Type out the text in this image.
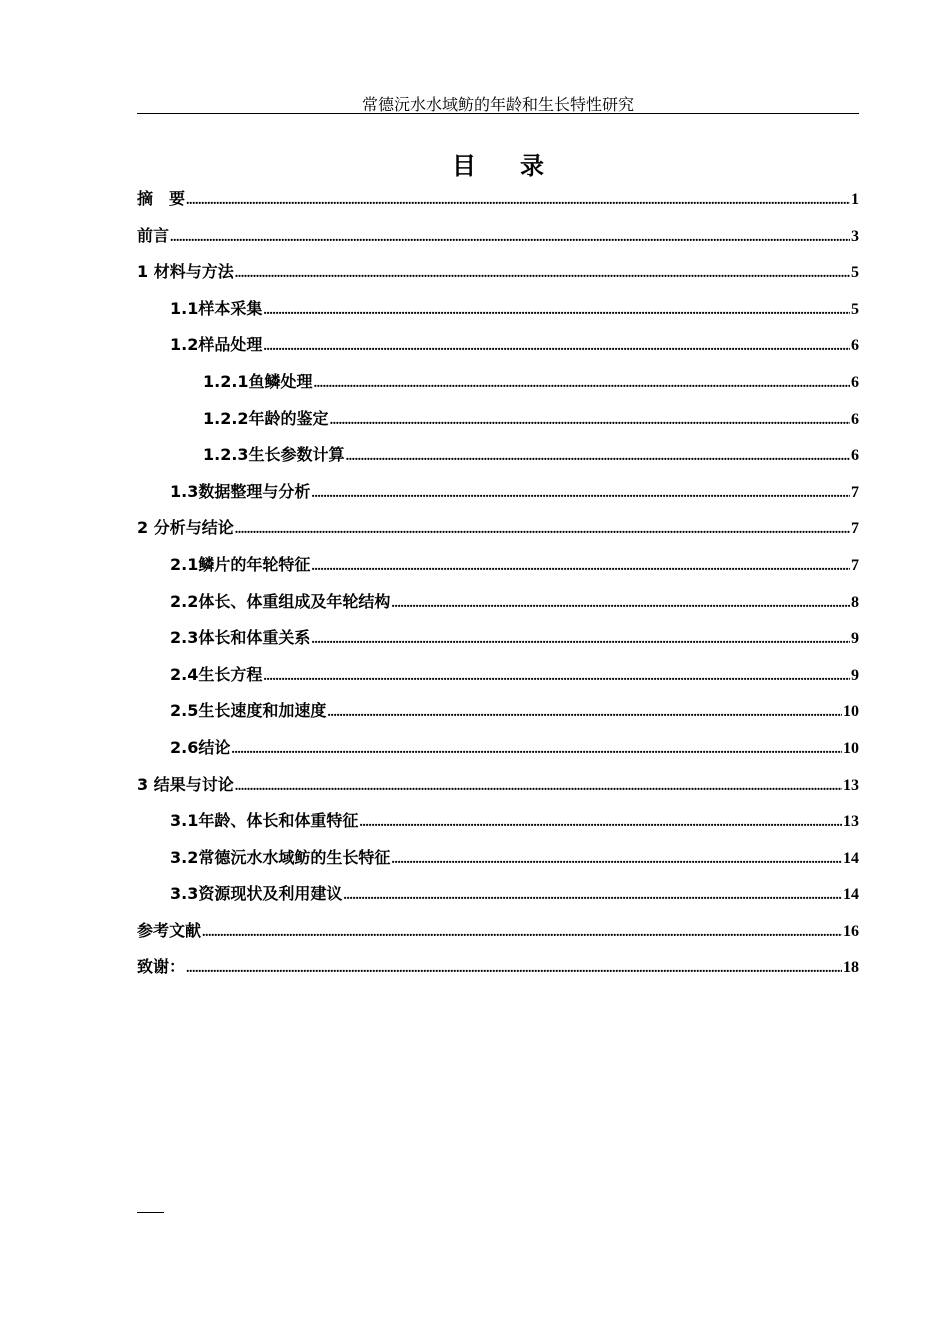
常德沅水水域鲂的年龄和生长特性研究
目 录
摘　要 .....	1
前言 .....	3
1 材料与方法 .....	5
1.1样本采集 .....	5
1.2样品处理 .....	6
1.2.1鱼鳞处理 .....	6
1.2.2年龄的鉴定 .....	6
1.2.3生长参数计算 .....	6
1.3数据整理与分析 .....	7
2 分析与结论 .....	7
2.1鳞片的年轮特征 .....	7
2.2体长、体重组成及年轮结构 .....	8
2.3体长和体重关系 .....	9
2.4生长方程 .....	9
2.5生长速度和加速度 .....	10
2.6结论 .....	10
3 结果与讨论 .....	13
3.1年龄、体长和体重特征 .....	13
3.2常德沅水水域鲂的生长特征 .....	14
3.3资源现状及利用建议 .....	14
参考文献 .....	16
致谢： .....	18
